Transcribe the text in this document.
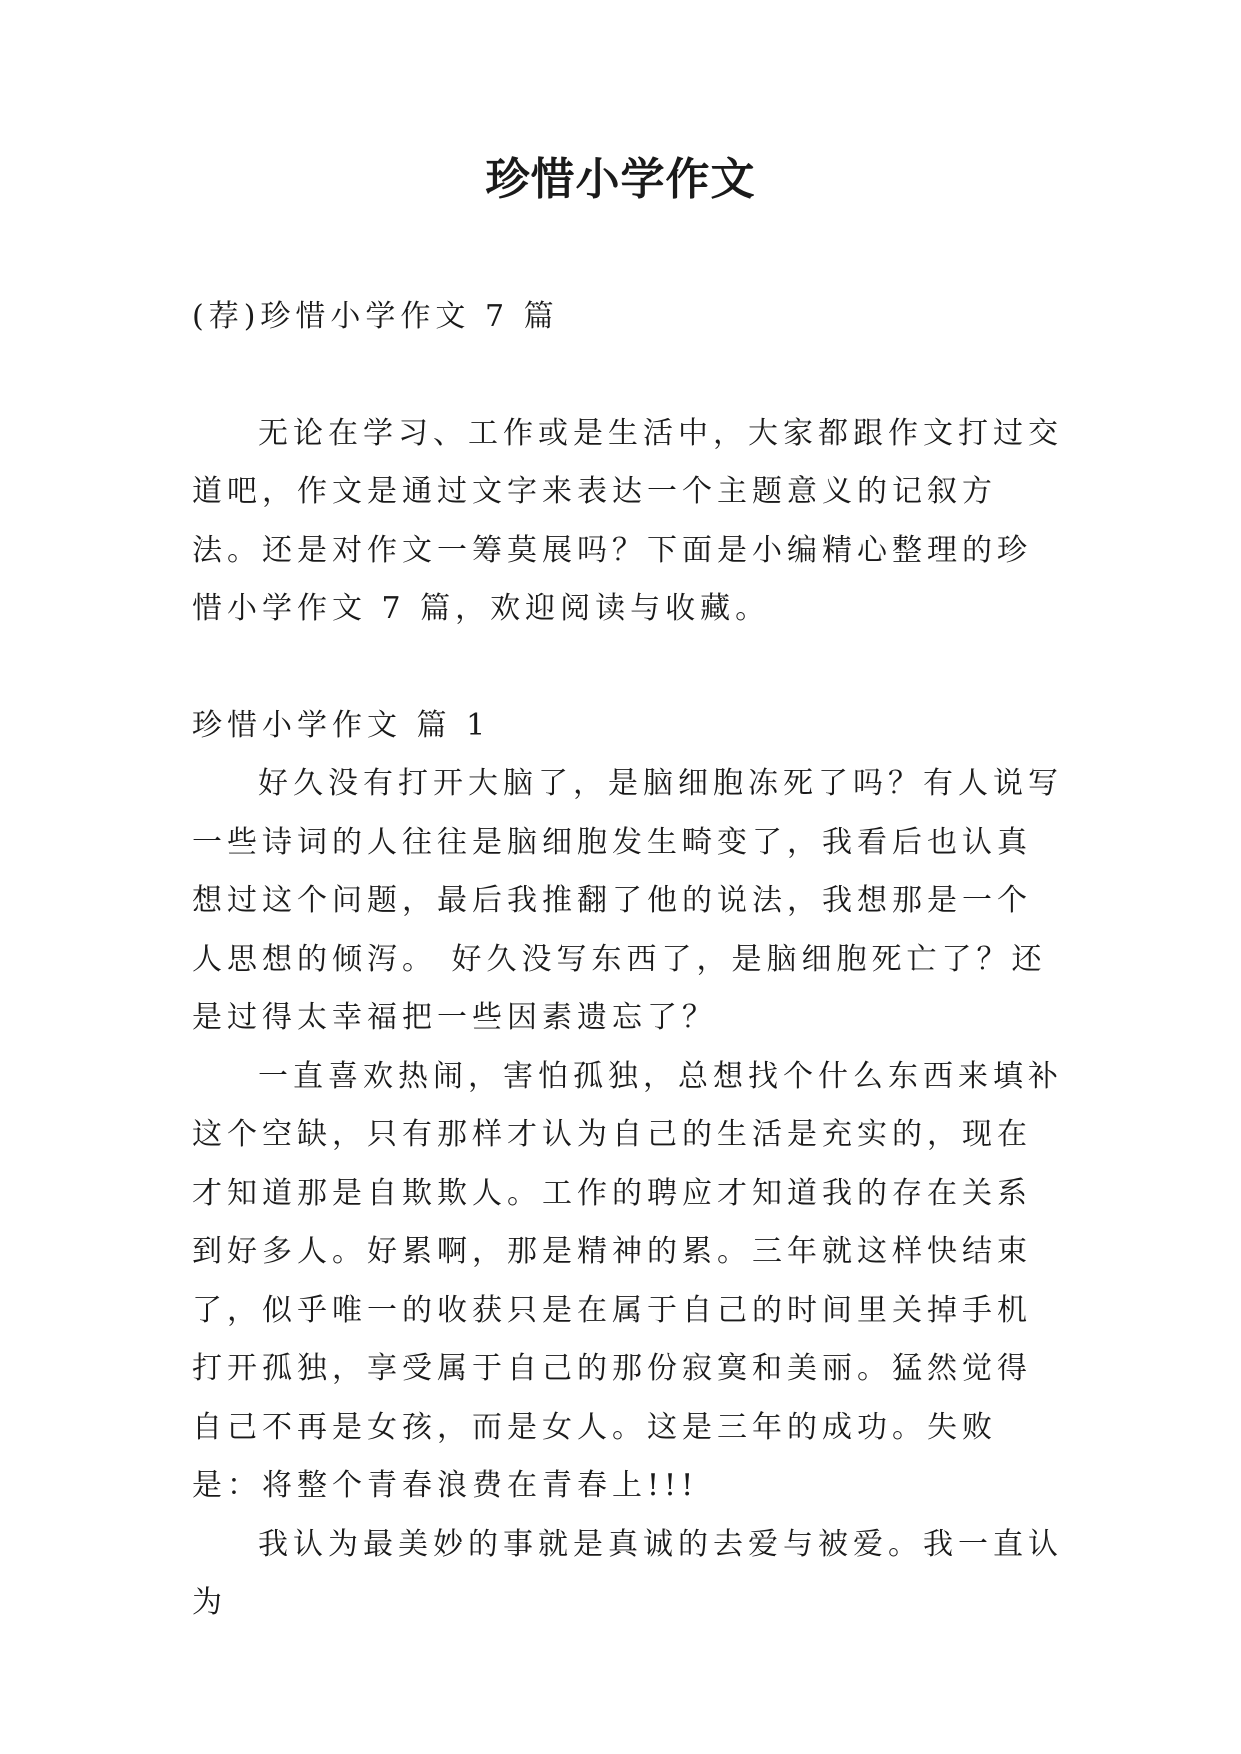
珍惜小学作文

(荐)珍惜小学作文 7 篇

无论在学习、工作或是生活中，大家都跟作文打过交道吧，作文是通过文字来表达一个主题意义的记叙方法。还是对作文一筹莫展吗？下面是小编精心整理的珍惜小学作文 7 篇，欢迎阅读与收藏。

珍惜小学作文 篇 1

好久没有打开大脑了，是脑细胞冻死了吗？有人说写一些诗词的人往往是脑细胞发生畸变了，我看后也认真想过这个问题，最后我推翻了他的说法，我想那是一个人思想的倾泻。 好久没写东西了，是脑细胞死亡了？还是过得太幸福把一些因素遗忘了？

一直喜欢热闹，害怕孤独，总想找个什么东西来填补这个空缺，只有那样才认为自己的生活是充实的，现在才知道那是自欺欺人。工作的聘应才知道我的存在关系到好多人。好累啊，那是精神的累。三年就这样快结束了，似乎唯一的收获只是在属于自己的时间里关掉手机打开孤独，享受属于自己的那份寂寞和美丽。猛然觉得自己不再是女孩，而是女人。这是三年的成功。失败是：将整个青春浪费在青春上!!!

我认为最美妙的事就是真诚的去爱与被爱。我一直认为
